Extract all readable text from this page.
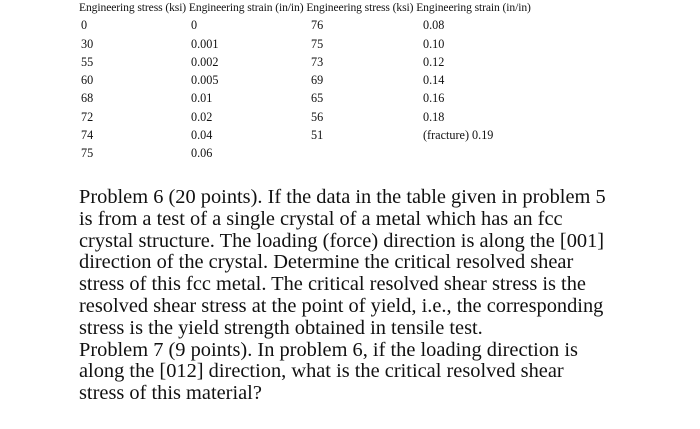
Engineering stress (ksi) Engineering strain (in/in) Engineering stress (ksi) Engineering strain (in/in)
0	0	76	0.08
30	0.001	75	0.10
55	0.002	73	0.12
60	0.005	69	0.14
68	0.01	65	0.16
72	0.02	56	0.18
74	0.04	51	(fracture) 0.19
75	0.06

Problem 6 (20 points). If the data in the table given in problem 5
is from a test of a single crystal of a metal which has an fcc
crystal structure. The loading (force) direction is along the [001]
direction of the crystal. Determine the critical resolved shear
stress of this fcc metal. The critical resolved shear stress is the
resolved shear stress at the point of yield, i.e., the corresponding
stress is the yield strength obtained in tensile test.

Problem 7 (9 points). In problem 6, if the loading direction is
along the [012] direction, what is the critical resolved shear
stress of this material?
